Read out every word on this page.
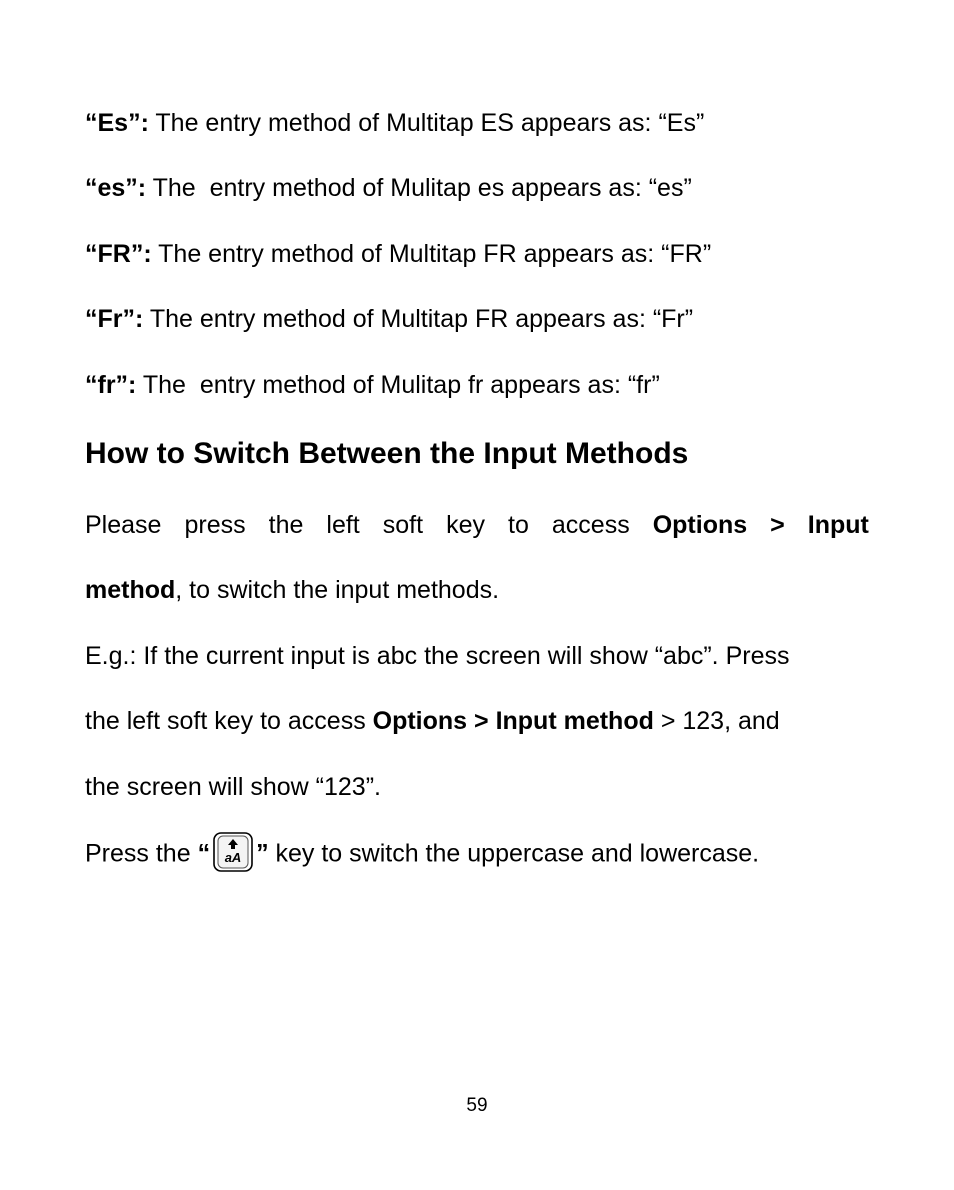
“Es”: The entry method of Multitap ES appears as: “Es”
“es”: The  entry method of Mulitap es appears as: “es”
“FR”: The entry method of Multitap FR appears as: “FR”
“Fr”: The entry method of Multitap FR appears as: “Fr”
“fr”: The  entry method of Mulitap fr appears as: “fr”
How to Switch Between the Input Methods
Please press the left soft key to access Options > Input
method, to switch the input methods.
E.g.: If the current input is abc the screen will show “abc”. Press
the left soft key to access Options > Input method > 123, and
the screen will show “123”.
Press the “ aA ” key to switch the uppercase and lowercase.
59
